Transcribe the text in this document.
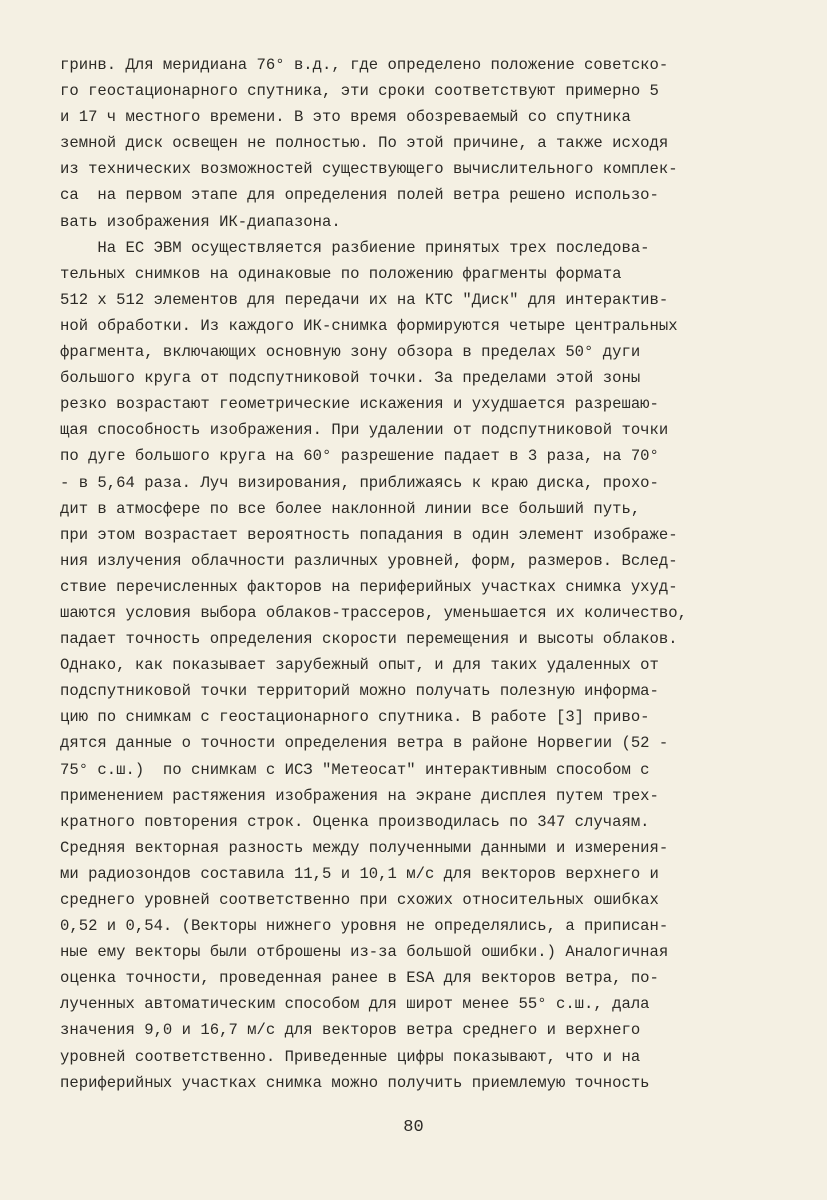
гринв. Для меридиана 76° в.д., где определено положение советско-
го геостационарного спутника, эти сроки соответствуют примерно 5
и 17 ч местного времени. В это время обозреваемый со спутника
земной диск освещен не полностью. По этой причине, а также исходя
из технических возможностей существующего вычислительного комплек-
са  на первом этапе для определения полей ветра решено использо-
вать изображения ИК-диапазона.
На ЕС ЭВМ осуществляется разбиение принятых трех последова-
тельных снимков на одинаковые по положению фрагменты формата
512 х 512 элементов для передачи их на КТС "Диск" для интерактив-
ной обработки. Из каждого ИК-снимка формируются четыре центральных
фрагмента, включающих основную зону обзора в пределах 50° дуги
большого круга от подспутниковой точки. За пределами этой зоны
резко возрастают геометрические искажения и ухудшается разрешаю-
щая способность изображения. При удалении от подспутниковой точки
по дуге большого круга на 60° разрешение падает в 3 раза, на 70°
- в 5,64 раза. Луч визирования, приближаясь к краю диска, прохо-
дит в атмосфере по все более наклонной линии все больший путь,
при этом возрастает вероятность попадания в один элемент изображе-
ния излучения облачности различных уровней, форм, размеров. Вслед-
ствие перечисленных факторов на периферийных участках снимка ухуд-
шаются условия выбора облаков-трассеров, уменьшается их количество,
падает точность определения скорости перемещения и высоты облаков.
Однако, как показывает зарубежный опыт, и для таких удаленных от
подспутниковой точки территорий можно получать полезную информа-
цию по снимкам с геостационарного спутника. В работе [3] приво-
дятся данные о точности определения ветра в районе Норвегии (52 -
75° с.ш.)  по снимкам с ИСЗ "Метеосат" интерактивным способом с
применением растяжения изображения на экране дисплея путем трех-
кратного повторения строк. Оценка производилась по 347 случаям.
Средняя векторная разность между полученными данными и измерения-
ми радиозондов составила 11,5 и 10,1 м/с для векторов верхнего и
среднего уровней соответственно при схожих относительных ошибках
0,52 и 0,54. (Векторы нижнего уровня не определялись, а приписан-
ные ему векторы были отброшены из-за большой ошибки.) Аналогичная
оценка точности, проведенная ранее в ESA для векторов ветра, по-
лученных автоматическим способом для широт менее 55° с.ш., дала
значения 9,0 и 16,7 м/с для векторов ветра среднего и верхнего
уровней соответственно. Приведенные цифры показывают, что и на
периферийных участках снимка можно получить приемлемую точность
80
